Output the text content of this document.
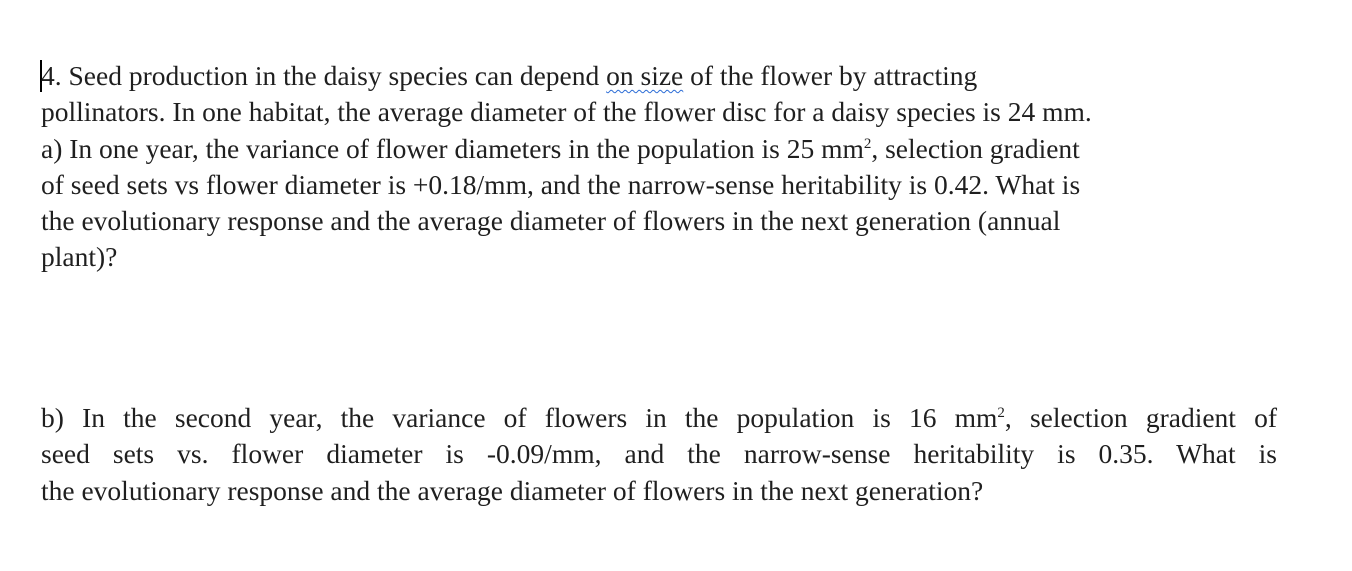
4. Seed production in the daisy species can depend on size of the flower by attracting
pollinators. In one habitat, the average diameter of the flower disc for a daisy species is 24 mm.
a) In one year, the variance of flower diameters in the population is 25 $mm^2$, selection gradient
of seed sets vs flower diameter is +0.18/mm, and the narrow-sense heritability is 0.42. What is
the evolutionary response and the average diameter of flowers in the next generation (annual
plant)?
b) In the second year, the variance of flowers in the population is 16 $mm^2$, selection gradient of
seed sets vs. flower diameter is -0.09/mm, and the narrow-sense heritability is 0.35. What is
the evolutionary response and the average diameter of flowers in the next generation?
